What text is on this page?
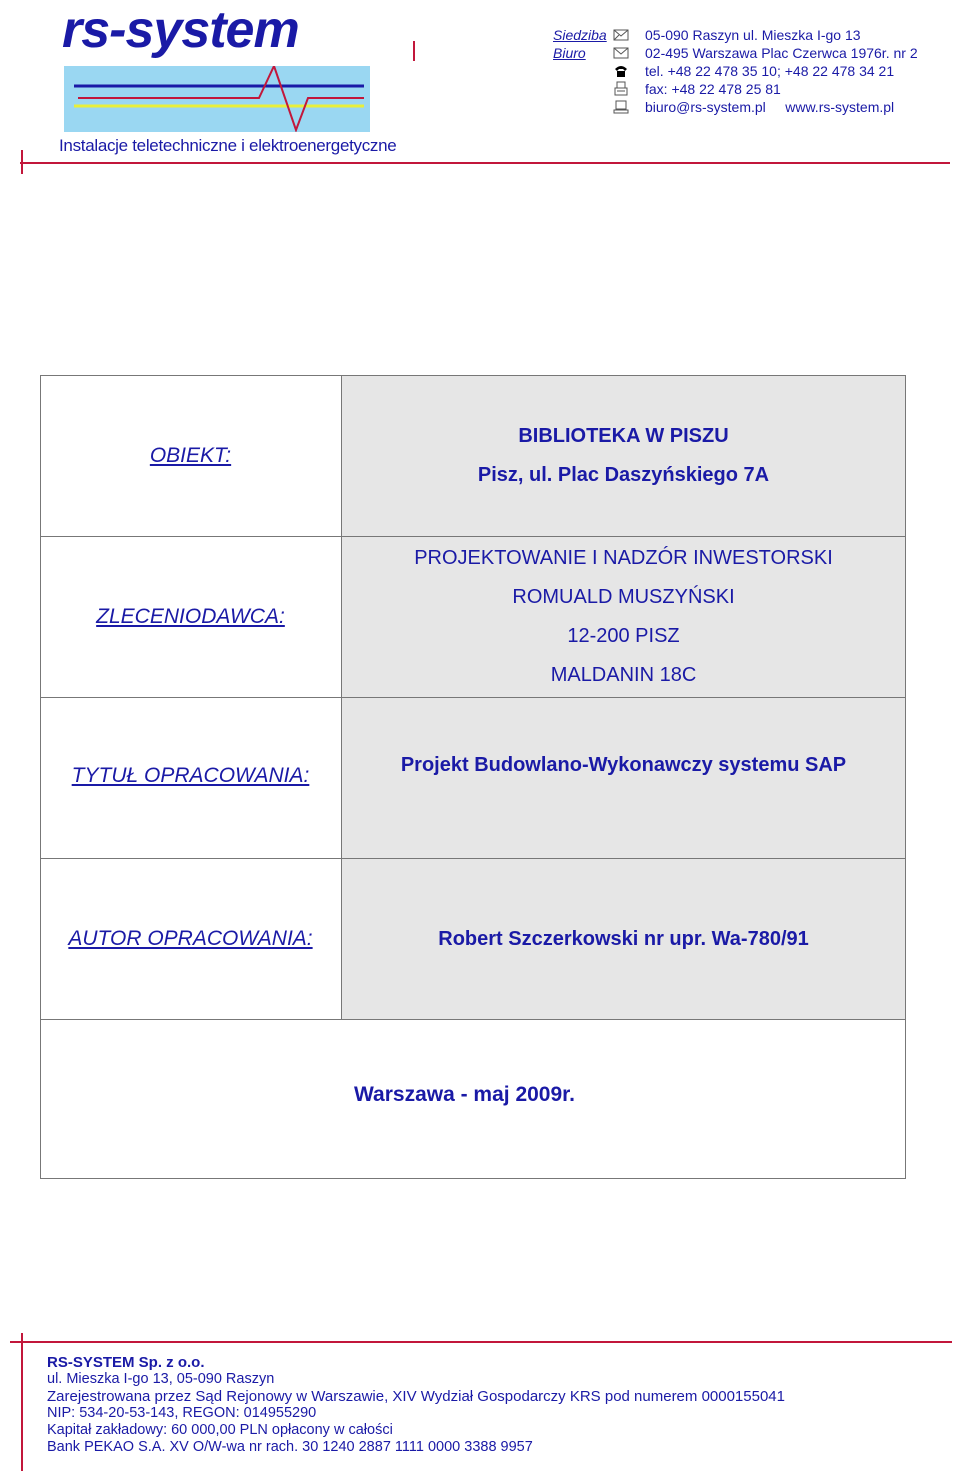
rs-system
Instalacje teletechniczne i elektroenergetyczne
Siedziba	05-090 Raszyn ul. Mieszka I-go 13
Biuro	02-495 Warszawa Plac Czerwca 1976r. nr 2
tel. +48 22 478 35 10; +48 22 478 34 21
fax: +48 22 478 25 81
biuro@rs-system.pl     www.rs-system.pl
OBIEKT:
BIBLIOTEKA W PISZU
Pisz, ul. Plac Daszyńskiego 7A
ZLECENIODAWCA:
PROJEKTOWANIE I NADZÓR INWESTORSKI
ROMUALD MUSZYŃSKI
12-200 PISZ
MALDANIN 18C
TYTUŁ OPRACOWANIA:	Projekt Budowlano-Wykonawczy systemu SAP
AUTOR OPRACOWANIA:	Robert Szczerkowski nr upr. Wa-780/91
Warszawa - maj 2009r.
RS-SYSTEM Sp. z o.o.
ul. Mieszka I-go 13, 05-090 Raszyn
Zarejestrowana przez Sąd Rejonowy w Warszawie, XIV Wydział Gospodarczy KRS pod numerem 0000155041
NIP: 534-20-53-143, REGON: 014955290
Kapitał zakładowy: 60 000,00 PLN opłacony w całości
Bank PEKAO S.A. XV O/W-wa nr rach. 30 1240 2887 1111 0000 3388 9957
